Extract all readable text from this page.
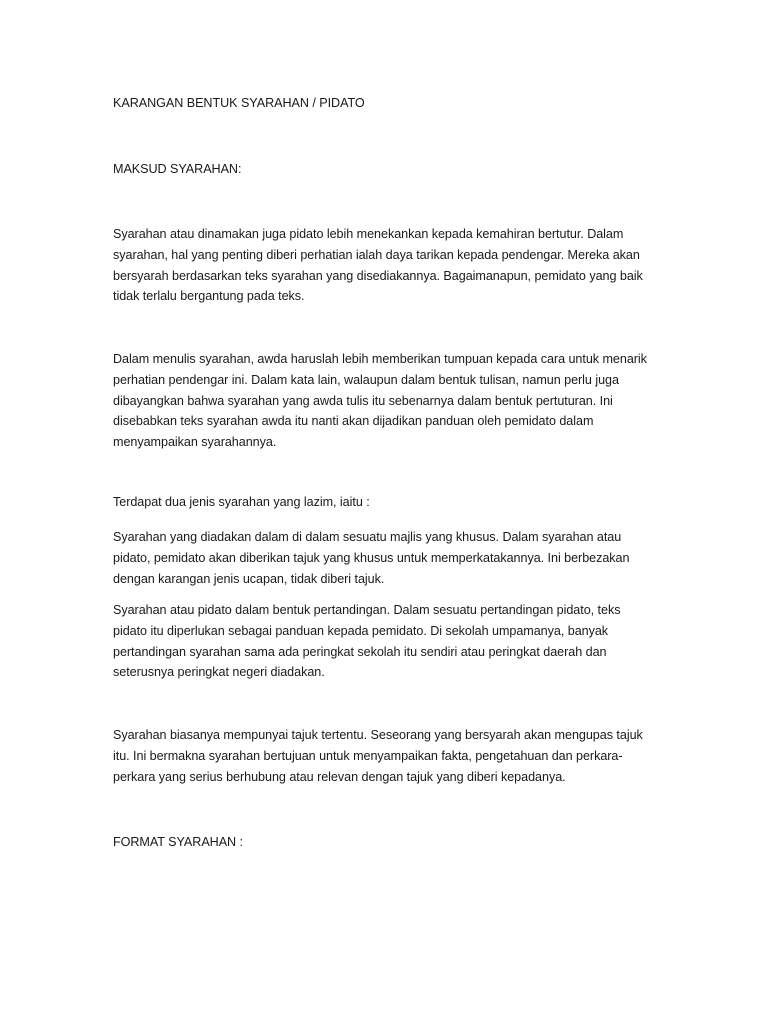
KARANGAN BENTUK SYARAHAN / PIDATO

MAKSUD SYARAHAN:

Syarahan atau dinamakan juga pidato lebih menekankan kepada kemahiran bertutur. Dalam syarahan, hal yang penting diberi perhatian ialah daya tarikan kepada pendengar. Mereka akan bersyarah berdasarkan teks syarahan yang disediakannya. Bagaimanapun, pemidato yang baik tidak terlalu bergantung pada teks.

Dalam menulis syarahan, awda haruslah lebih memberikan tumpuan kepada cara untuk menarik perhatian pendengar ini. Dalam kata lain, walaupun dalam bentuk tulisan, namun perlu juga dibayangkan bahwa syarahan yang awda tulis itu sebenarnya dalam bentuk pertuturan. Ini disebabkan teks syarahan awda itu nanti akan dijadikan panduan oleh pemidato dalam menyampaikan syarahannya.

Terdapat dua jenis syarahan yang lazim, iaitu :

Syarahan yang diadakan dalam di dalam sesuatu majlis yang khusus. Dalam syarahan atau pidato, pemidato akan diberikan tajuk yang khusus untuk memperkatakannya. Ini berbezakan dengan karangan jenis ucapan, tidak diberi tajuk.

Syarahan atau pidato dalam bentuk pertandingan. Dalam sesuatu pertandingan pidato, teks pidato itu diperlukan sebagai panduan kepada pemidato. Di sekolah umpamanya, banyak pertandingan syarahan sama ada peringkat sekolah itu sendiri atau peringkat daerah dan seterusnya peringkat negeri diadakan.

Syarahan biasanya mempunyai tajuk tertentu. Seseorang yang bersyarah akan mengupas tajuk itu. Ini bermakna syarahan bertujuan untuk menyampaikan fakta, pengetahuan dan perkara-perkara yang serius berhubung atau relevan dengan tajuk yang diberi kepadanya.

FORMAT SYARAHAN :
